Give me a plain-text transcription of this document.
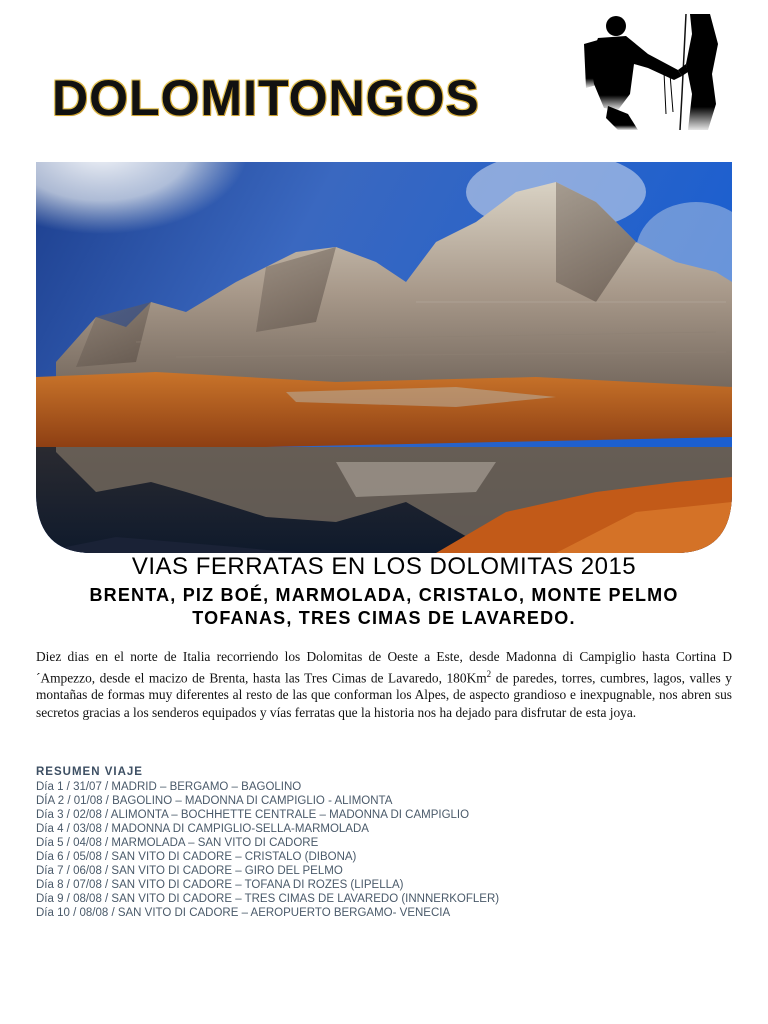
DOLOMITONGOS
VIAS FERRATAS EN LOS DOLOMITAS 2015
BRENTA, PIZ BOÉ, MARMOLADA, CRISTALO, MONTE PELMO
TOFANAS, TRES CIMAS DE LAVAREDO.
Diez dias en el norte de Italia recorriendo los Dolomitas de Oeste a Este, desde Madonna di Campiglio hasta Cortina D´Ampezzo, desde el macizo de Brenta, hasta las Tres Cimas de Lavaredo, 180Km$^2$ de paredes, torres, cumbres, lagos, valles y montañas de formas muy diferentes al resto de las que conforman los Alpes, de aspecto grandioso e inexpugnable, nos abren sus secretos gracias a los senderos equipados y vías ferratas que la historia nos ha dejado para disfrutar de esta joya.
RESUMEN VIAJE
Día 1 / 31/07 / MADRID – BERGAMO – BAGOLINO
DÍA 2 / 01/08 / BAGOLINO – MADONNA DI CAMPIGLIO - ALIMONTA
Día 3 / 02/08 / ALIMONTA – BOCHHETTE CENTRALE – MADONNA DI CAMPIGLIO
Día 4 / 03/08 / MADONNA DI CAMPIGLIO-SELLA-MARMOLADA
Día 5 / 04/08 / MARMOLADA – SAN VITO DI CADORE
Día 6 / 05/08 / SAN VITO DI CADORE – CRISTALO (DIBONA)
Día 7 / 06/08 / SAN VITO DI CADORE – GIRO DEL PELMO
Día 8 / 07/08 / SAN VITO DI CADORE – TOFANA DI ROZES (LIPELLA)
Día 9 / 08/08 / SAN VITO DI CADORE – TRES CIMAS DE LAVAREDO (INNNERKOFLER)
Día 10 / 08/08 / SAN VITO DI CADORE – AEROPUERTO BERGAMO- VENECIA
